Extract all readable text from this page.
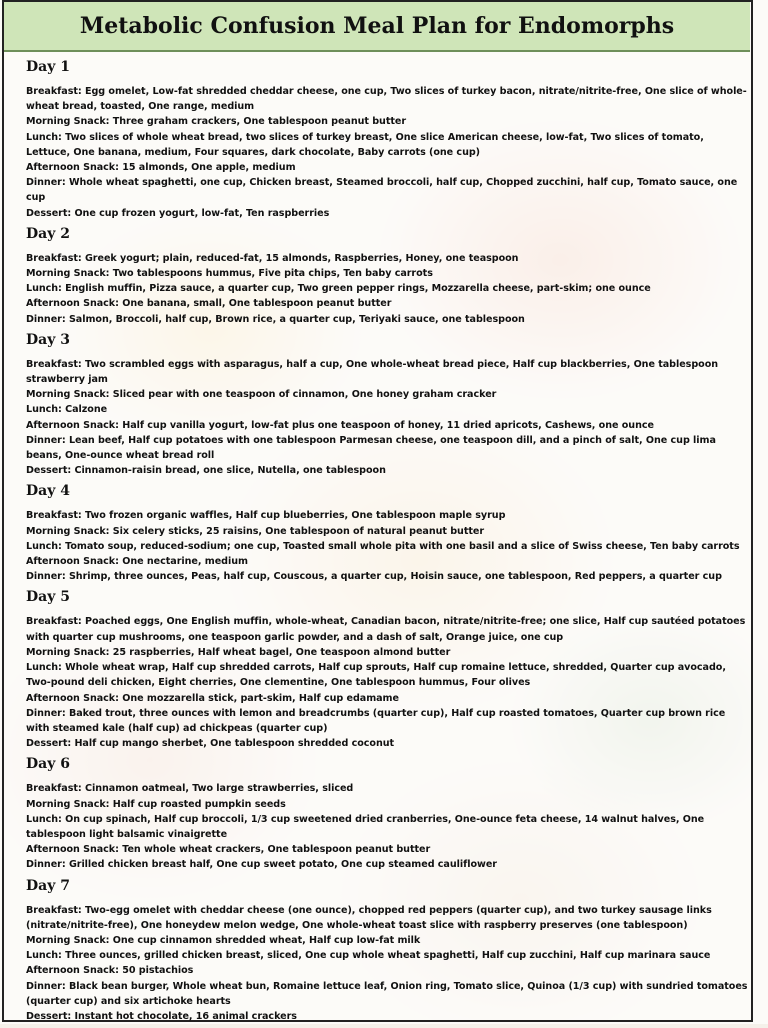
Metabolic Confusion Meal Plan for Endomorphs
Day 1
Breakfast: Egg omelet, Low-fat shredded cheddar cheese, one cup, Two slices of turkey bacon, nitrate/nitrite-free, One slice of whole-wheat bread, toasted, One range, medium
Morning Snack: Three graham crackers, One tablespoon peanut butter
Lunch: Two slices of whole wheat bread, two slices of turkey breast, One slice American cheese, low-fat, Two slices of tomato, Lettuce, One banana, medium, Four squares, dark chocolate, Baby carrots (one cup)
Afternoon Snack: 15 almonds, One apple, medium
Dinner: Whole wheat spaghetti, one cup, Chicken breast, Steamed broccoli, half cup, Chopped zucchini, half cup, Tomato sauce, one cup
Dessert: One cup frozen yogurt, low-fat, Ten raspberries
Day 2
Breakfast: Greek yogurt; plain, reduced-fat, 15 almonds, Raspberries, Honey, one teaspoon
Morning Snack: Two tablespoons hummus, Five pita chips, Ten baby carrots
Lunch: English muffin, Pizza sauce, a quarter cup, Two green pepper rings, Mozzarella cheese, part-skim; one ounce
Afternoon Snack: One banana, small, One tablespoon peanut butter
Dinner: Salmon, Broccoli, half cup, Brown rice, a quarter cup, Teriyaki sauce, one tablespoon
Day 3
Breakfast: Two scrambled eggs with asparagus, half a cup, One whole-wheat bread piece, Half cup blackberries, One tablespoon strawberry jam
Morning Snack: Sliced pear with one teaspoon of cinnamon, One honey graham cracker
Lunch: Calzone
Afternoon Snack: Half cup vanilla yogurt, low-fat plus one teaspoon of honey, 11 dried apricots, Cashews, one ounce
Dinner: Lean beef, Half cup potatoes with one tablespoon Parmesan cheese, one teaspoon dill, and a pinch of salt, One cup lima beans, One-ounce wheat bread roll
Dessert: Cinnamon-raisin bread, one slice, Nutella, one tablespoon
Day 4
Breakfast: Two frozen organic waffles, Half cup blueberries, One tablespoon maple syrup
Morning Snack: Six celery sticks, 25 raisins, One tablespoon of natural peanut butter
Lunch: Tomato soup, reduced-sodium; one cup, Toasted small whole pita with one basil and a slice of Swiss cheese, Ten baby carrots
Afternoon Snack: One nectarine, medium
Dinner: Shrimp, three ounces, Peas, half cup, Couscous, a quarter cup, Hoisin sauce, one tablespoon, Red peppers, a quarter cup
Day 5
Breakfast: Poached eggs, One English muffin, whole-wheat, Canadian bacon, nitrate/nitrite-free; one slice, Half cup sautéed potatoes with quarter cup mushrooms, one teaspoon garlic powder, and a dash of salt, Orange juice, one cup
Morning Snack: 25 raspberries, Half wheat bagel, One teaspoon almond butter
Lunch: Whole wheat wrap, Half cup shredded carrots, Half cup sprouts, Half cup romaine lettuce, shredded, Quarter cup avocado, Two-pound deli chicken, Eight cherries, One clementine, One tablespoon hummus, Four olives
Afternoon Snack: One mozzarella stick, part-skim, Half cup edamame
Dinner: Baked trout, three ounces with lemon and breadcrumbs (quarter cup), Half cup roasted tomatoes, Quarter cup brown rice with steamed kale (half cup) ad chickpeas (quarter cup)
Dessert: Half cup mango sherbet, One tablespoon shredded coconut
Day 6
Breakfast: Cinnamon oatmeal, Two large strawberries, sliced
Morning Snack: Half cup roasted pumpkin seeds
Lunch: On cup spinach, Half cup broccoli, 1/3 cup sweetened dried cranberries, One-ounce feta cheese, 14 walnut halves, One tablespoon light balsamic vinaigrette
Afternoon Snack: Ten whole wheat crackers, One tablespoon peanut butter
Dinner: Grilled chicken breast half, One cup sweet potato, One cup steamed cauliflower
Day 7
Breakfast: Two-egg omelet with cheddar cheese (one ounce), chopped red peppers (quarter cup), and two turkey sausage links (nitrate/nitrite-free), One honeydew melon wedge, One whole-wheat toast slice with raspberry preserves (one tablespoon)
Morning Snack: One cup cinnamon shredded wheat, Half cup low-fat milk
Lunch: Three ounces, grilled chicken breast, sliced, One cup whole wheat spaghetti, Half cup zucchini, Half cup marinara sauce
Afternoon Snack: 50 pistachios
Dinner: Black bean burger, Whole wheat bun, Romaine lettuce leaf, Onion ring, Tomato slice, Quinoa (1/3 cup) with sundried tomatoes (quarter cup) and six artichoke hearts
Dessert: Instant hot chocolate, 16 animal crackers
